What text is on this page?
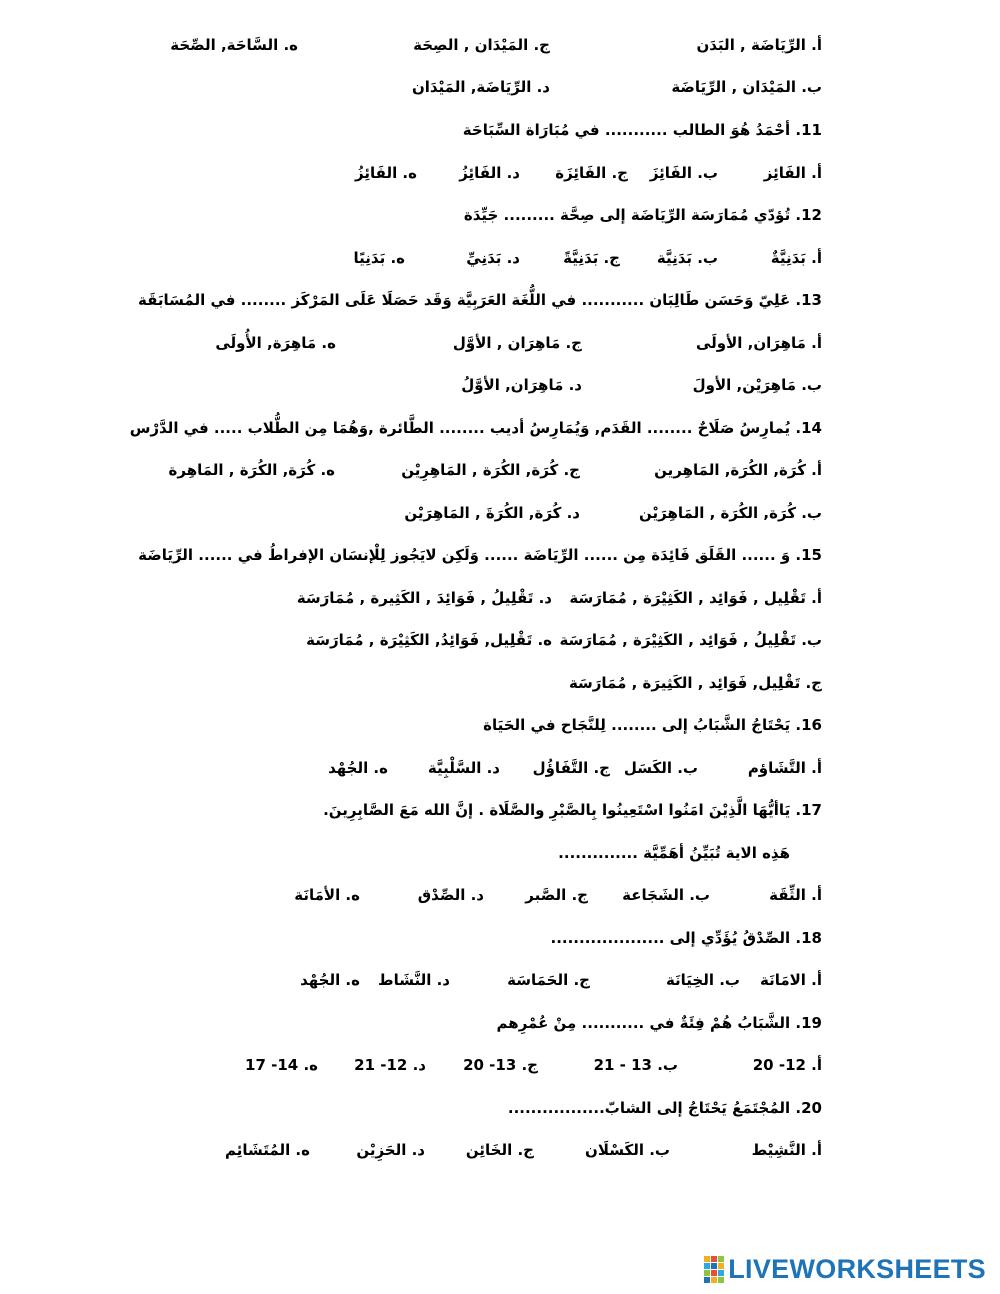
أ. الرِّيَاضَة , البَدَن
ج. المَيْدَان , الصِحَة
ه. السَّاحَة, الصِّحَة
ب. المَيْدَان , الرِّيَاضَة
د. الرِّيَاضَة, المَيْدَان
11. أحْمَدُ هُوَ الطالب ........... في مُبَارَاة السِّبَاحَة
أ. الفَائِز
ب. الفَائِزَ
ج. الفَائِزَة
د. الفَائِزُ
ه. الفَائِزُ
12. تُؤدّي مُمَارَسَة الرِّيَاضَة إلى صِحَّة ......... جَيِّدَة
أ. بَدَنِيَّةٌ
ب. بَدَنِيَّة
ج. بَدَنِيَّةً
د. بَدَنِيِّ
ه. بَدَنِيًا
13. عَلِيّ وَحَسَن طَالِبَان ........... في اللُّغَة العَرَبِيَّة وَقَد حَصَلَا عَلَى المَرْكَز ........ في المُسَابَقَة
أ. مَاهِرَان, الأولَى
ج. مَاهِرَان , الأوَّل
ه. مَاهِرَة, الأُولَى
ب. مَاهِرَيْن, الأولَ
د. مَاهِرَان, الأوَّلُ
14. يُمارِسُ صَلَاحٌ ........ القَدَم, وَيُمَارِسُ أديب ........ الطَّائرة ,وَهُمَا مِن الطُّلاب ..... في الدَّرْس
أ. كُرَة, الكُرَة, المَاهِرين
ج. كُرَة, الكُرَة , المَاهِرِيْن
ه. كُرَة, الكُرَة , المَاهِرة
ب. كُرَة, الكُرَة , المَاهِرَيْن
د. كُرَة, الكُرَةَ , المَاهِرَيْن
15. وَ ...... القَلَق فَائِدَة مِن ...... الرِّيَاضَة ...... وَلَكِن لايَجُوز لِلْإنسَان الإفراطُ في ...... الرِّيَاضَة
أ. تَقْلِيل , فَوَائِد , الكَثِيْرَة , مُمَارَسَة
د. تَقْلِيلُ , فَوَائِدَ , الكَثِيرة , مُمَارَسَة
ب. تَقْلِيلُ , فَوَائِد , الكَثِيْرَة , مُمَارَسَة
ه. تَقْلِيل, فَوَائِدُ, الكَثِيْرَة , مُمَارَسَة
ج. تَقْلِيل, فَوَائِد , الكَثِيرَة , مُمَارَسَة
16. يَحْتَاجُ الشَّبَابُ إلى ........ لِلنَّجَاح في الحَيَاة
أ. التَّشَاؤم
ب. الكَسَل
ج. التَّفَاؤُل
د. السَّلْبِيَّة
ه. الجُهْد
17. يَاأيُّهَا الَّذِيْنَ امَنُوا اسْتَعِينُوا بِالصَّبْرِ والصَّلَاة . إنَّ الله مَعَ الصَّابِرِينَ.
هَذِه الاية تُبَيِّنُ أهَمِّيَّة ..............
أ. الثِّقَة
ب. الشَجَاعة
ج. الصَّبر
د. الصِّدْق
ه. الأمَانَة
18. الصِّدْقُ يُؤَدِّي إلى ....................
أ. الامَانَة
ب. الخِيَانَة
ج. الحَمَاسَة
د. النَّشَاط
ه. الجُهْد
19. الشَّبَابُ هُمْ فِئَةٌ في ........... مِنْ عُمْرِهم
أ. 12- 20
ب. 13 - 21
ج. 13- 20
د. 12- 21
ه. 14- 17
20. المُجْتَمَعُ يَحْتَاجُ إلى الشابّ.................
أ. النَّشِيْط
ب. الكَسْلَان
ج. الخَائِن
د. الحَزِيْن
ه. المُتَشَائِم
LIVEWORKSHEETS
